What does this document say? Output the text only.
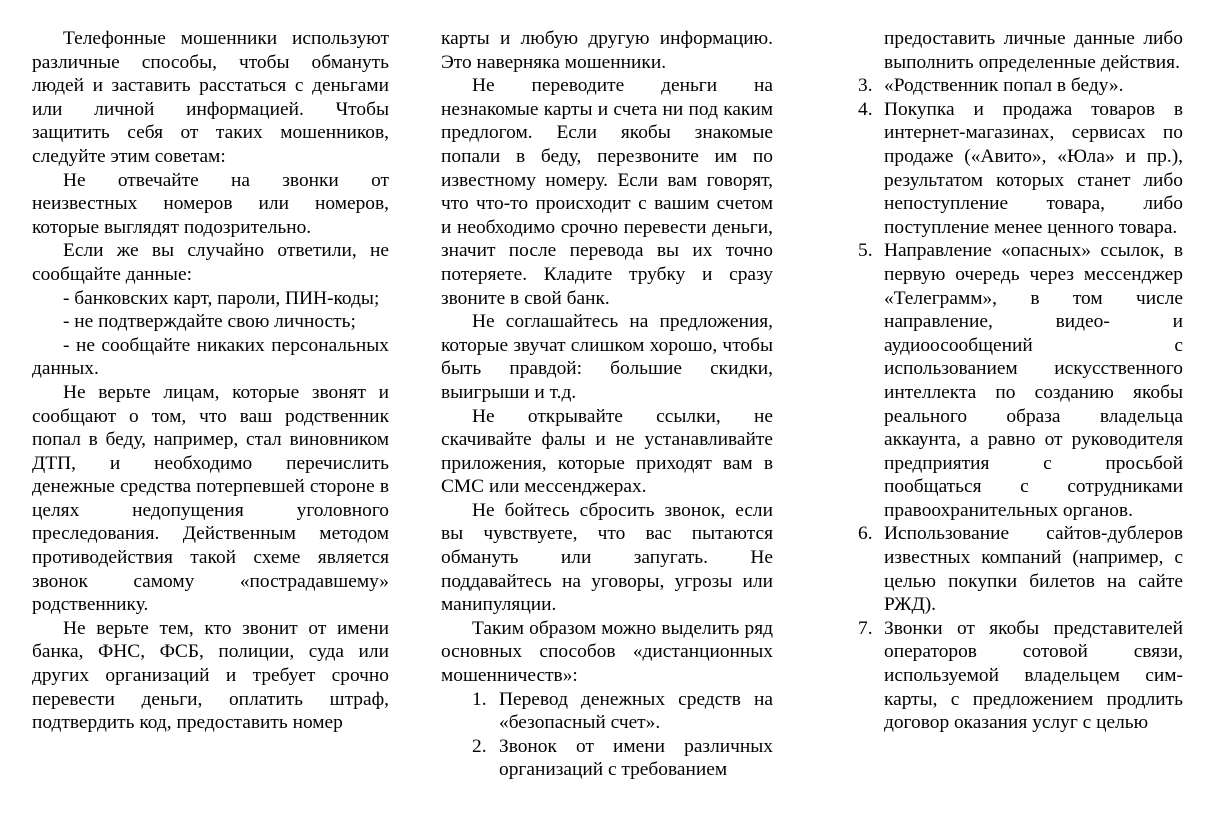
Телефонные мошенники используют различные способы, чтобы обмануть людей и заставить расстаться с деньгами или личной информацией. Чтобы защитить себя от таких мошенников, следуйте этим советам:

Не отвечайте на звонки от неизвестных номеров или номеров, которые выглядят подозрительно.

Если же вы случайно ответили, не сообщайте данные:

- банковских карт, пароли, ПИН-коды;

- не подтверждайте свою личность;

- не сообщайте никаких персональных данных.

Не верьте лицам, которые звонят и сообщают о том, что ваш родственник попал в беду, например, стал виновником ДТП, и необходимо перечислить денежные средства потерпевшей стороне в целях недопущения уголовного преследования. Действенным методом противодействия такой схеме является звонок самому «пострадавшему» родственнику.

Не верьте тем, кто звонит от имени банка, ФНС, ФСБ, полиции, суда или других организаций и требует срочно перевести деньги, оплатить штраф, подтвердить код, предоставить номер

карты и любую другую информацию. Это наверняка мошенники.

Не переводите деньги на незнакомые карты и счета ни под каким предлогом. Если якобы знакомые попали в беду, перезвоните им по известному номеру. Если вам говорят, что что-то происходит с вашим счетом и необходимо срочно перевести деньги, значит после перевода вы их точно потеряете. Кладите трубку и сразу звоните в свой банк.

Не соглашайтесь на предложения, которые звучат слишком хорошо, чтобы быть правдой: большие скидки, выигрыши и т.д.

Не открывайте ссылки, не скачивайте фалы и не устанавливайте приложения, которые приходят вам в СМС или мессенджерах.

Не бойтесь сбросить звонок, если вы чувствуете, что вас пытаются обмануть или запугать. Не поддавайтесь на уговоры, угрозы или манипуляции.

Таким образом можно выделить ряд основных способов «дистанционных мошенничеств»:

1. Перевод денежных средств на «безопасный счет».
2. Звонок от имени различных организаций с требованием

предоставить личные данные либо выполнить определенные действия.

3. «Родственник попал в беду».
4. Покупка и продажа товаров в интернет-магазинах, сервисах по продаже («Авито», «Юла» и пр.), результатом которых станет либо непоступление товара, либо поступление менее ценного товара.
5. Направление «опасных» ссылок, в первую очередь через мессенджер «Телеграмм», в том числе направление, видео- и аудиоосообщений с использованием искусственного интеллекта по созданию якобы реального образа владельца аккаунта, а равно от руководителя предприятия с просьбой пообщаться с сотрудниками правоохранительных органов.
6. Использование сайтов-дублеров известных компаний (например, с целью покупки билетов на сайте РЖД).
7. Звонки от якобы представителей операторов сотовой связи, используемой владельцем сим-карты, с предложением продлить договор оказания услуг с целью
